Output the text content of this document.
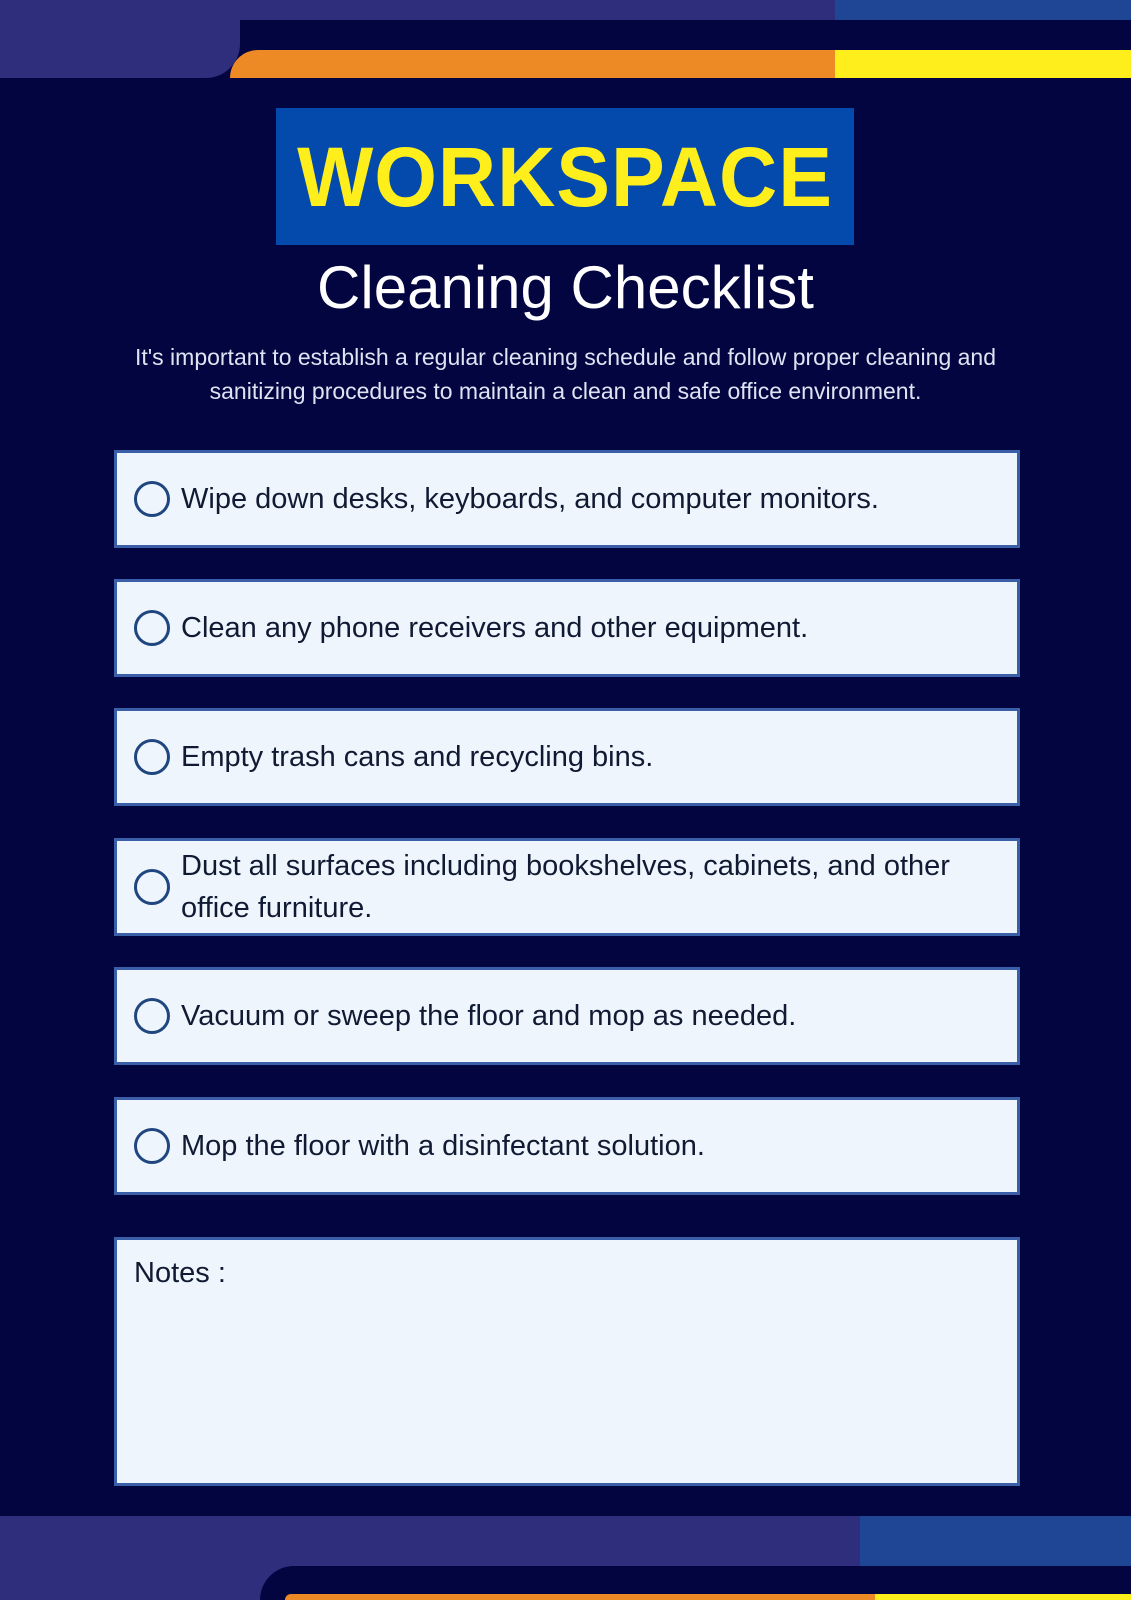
WORKSPACE
Cleaning Checklist
It's important to establish a regular cleaning schedule and follow proper cleaning and sanitizing procedures to maintain a clean and safe office environment.
Wipe down desks, keyboards, and computer monitors.
Clean any phone receivers and other equipment.
Empty trash cans and recycling bins.
Dust all surfaces including bookshelves, cabinets, and other office furniture.
Vacuum or sweep the floor and mop as needed.
Mop the floor with a disinfectant solution.
Notes :
